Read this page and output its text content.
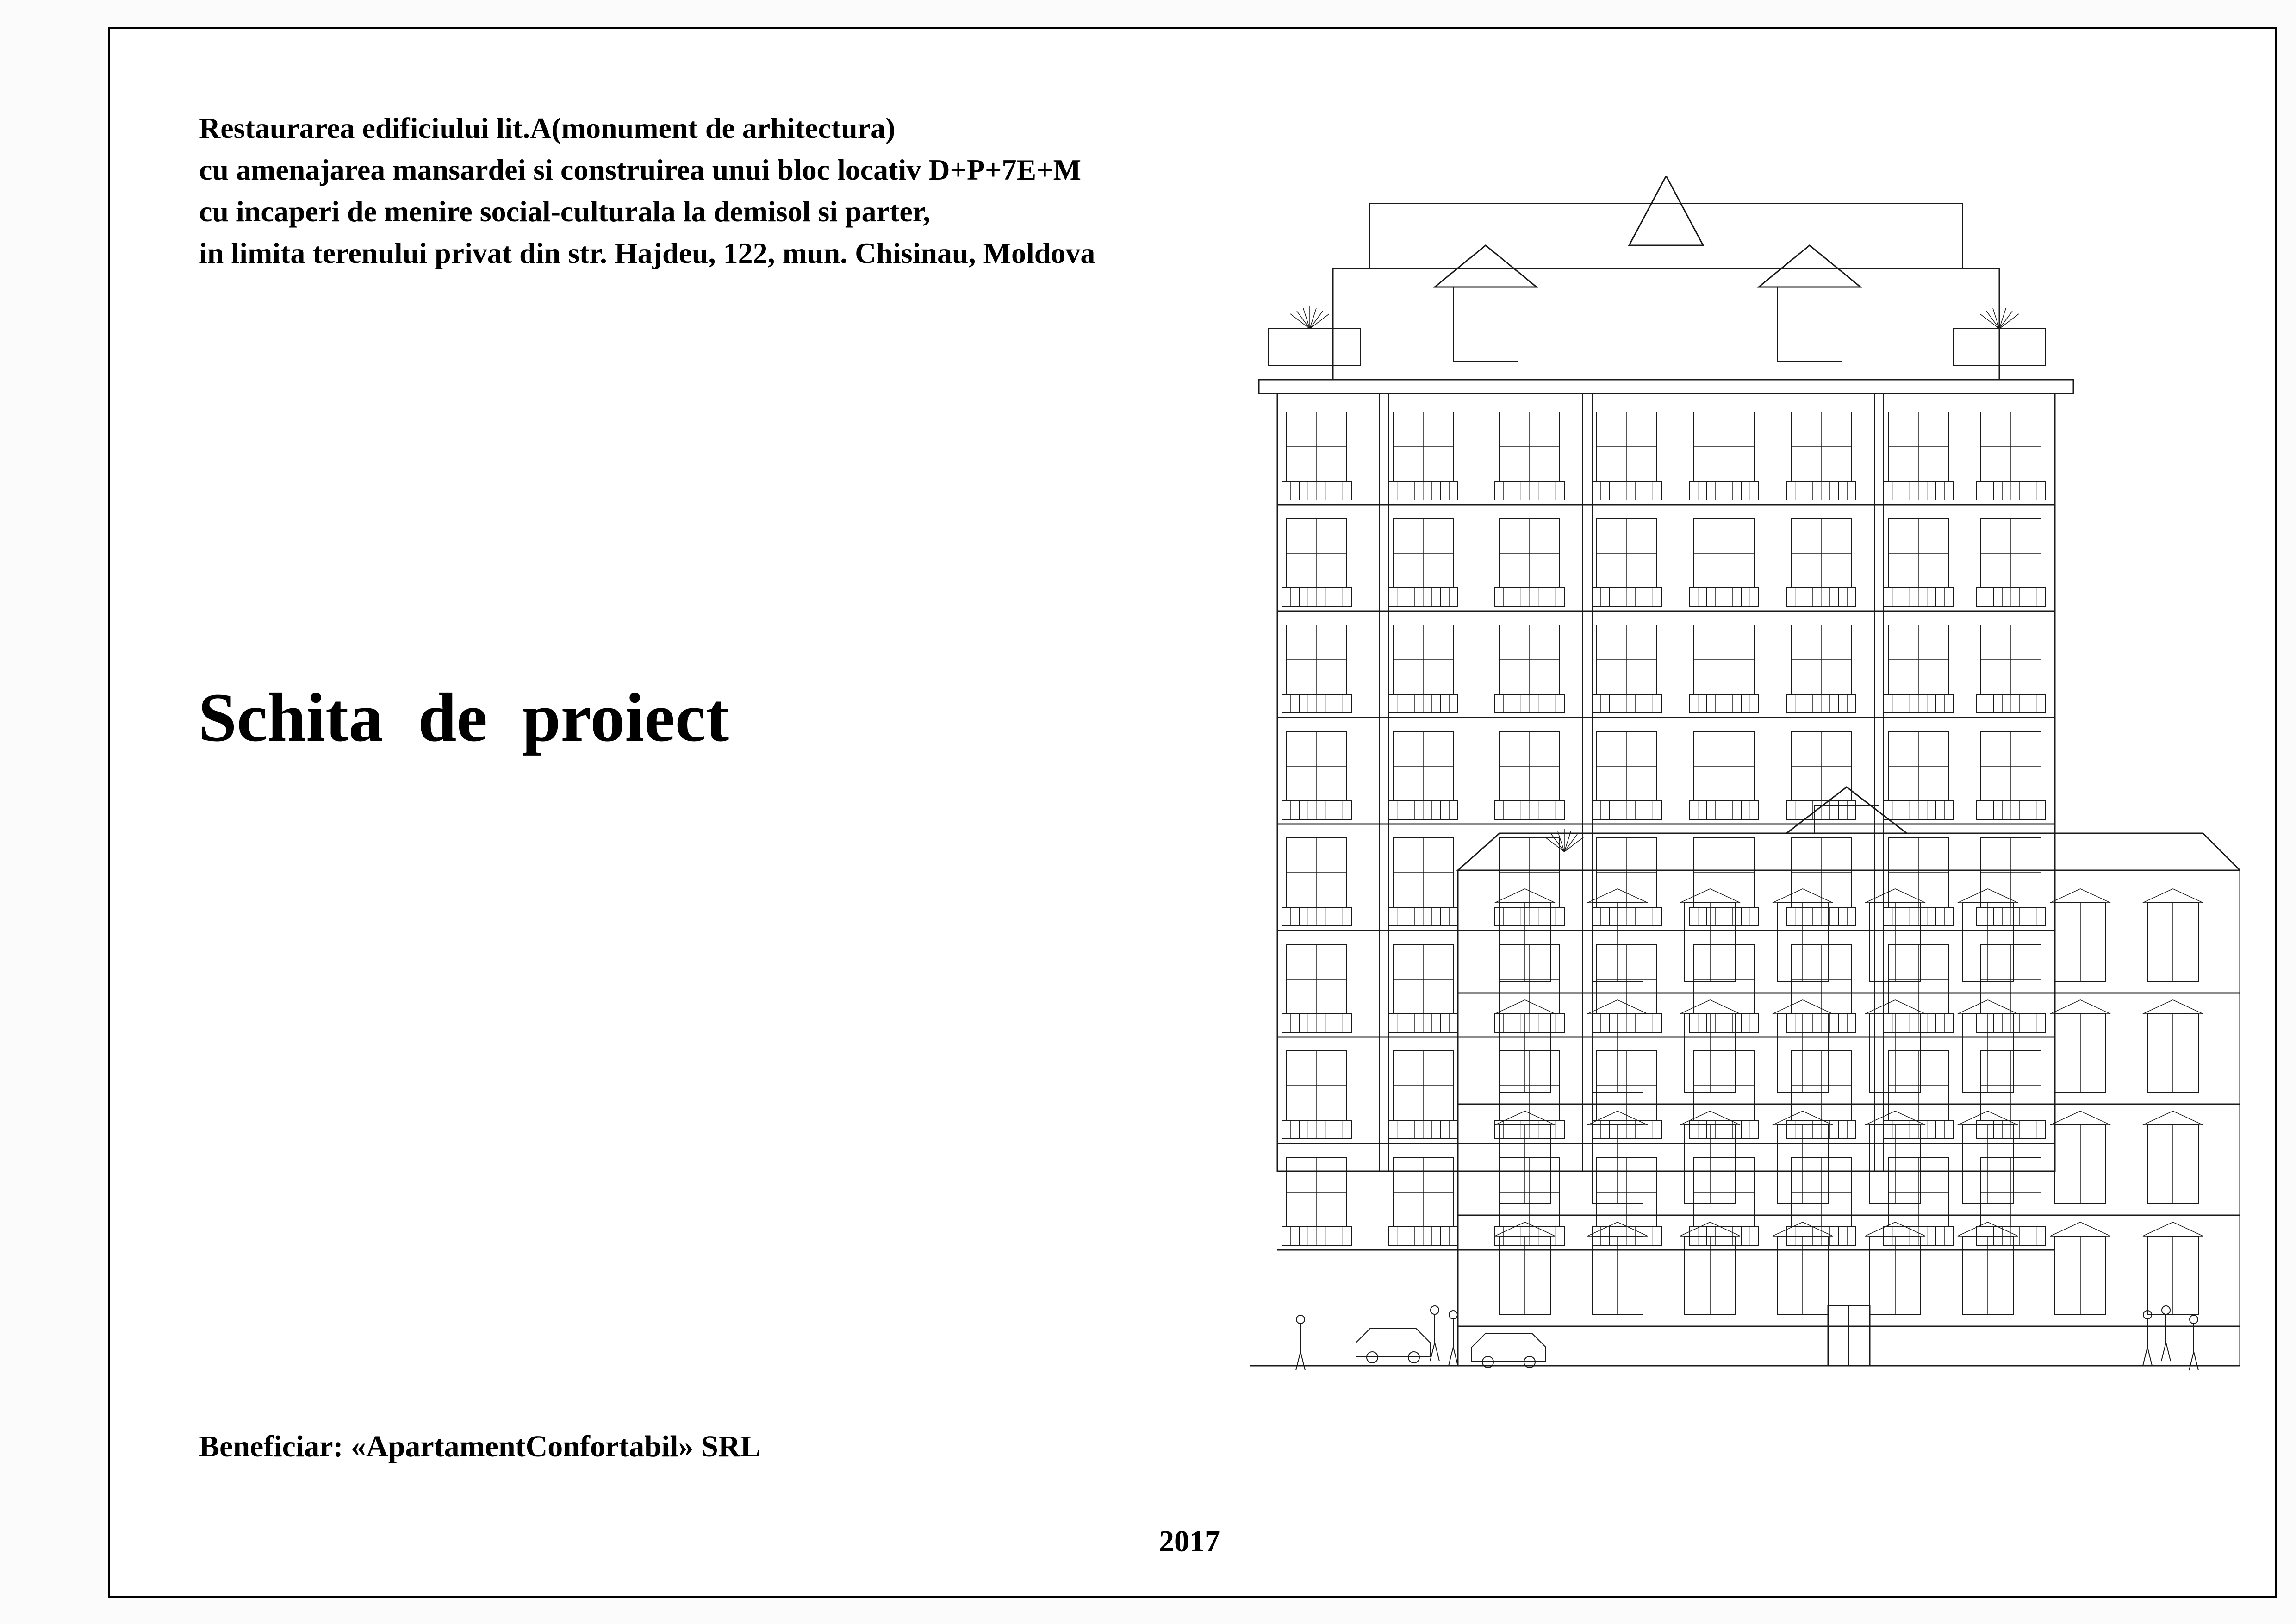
Restaurarea edificiului lit.A(monument de arhitectura)
cu amenajarea mansardei si construirea unui bloc locativ D+P+7E+M
cu incaperi de menire social-culturala la demisol si parter,
in limita terenului privat din str. Hajdeu, 122, mun. Chisinau, Moldova
Schita  de  proiect
Beneficiar: «ApartamentConfortabil» SRL
2017
